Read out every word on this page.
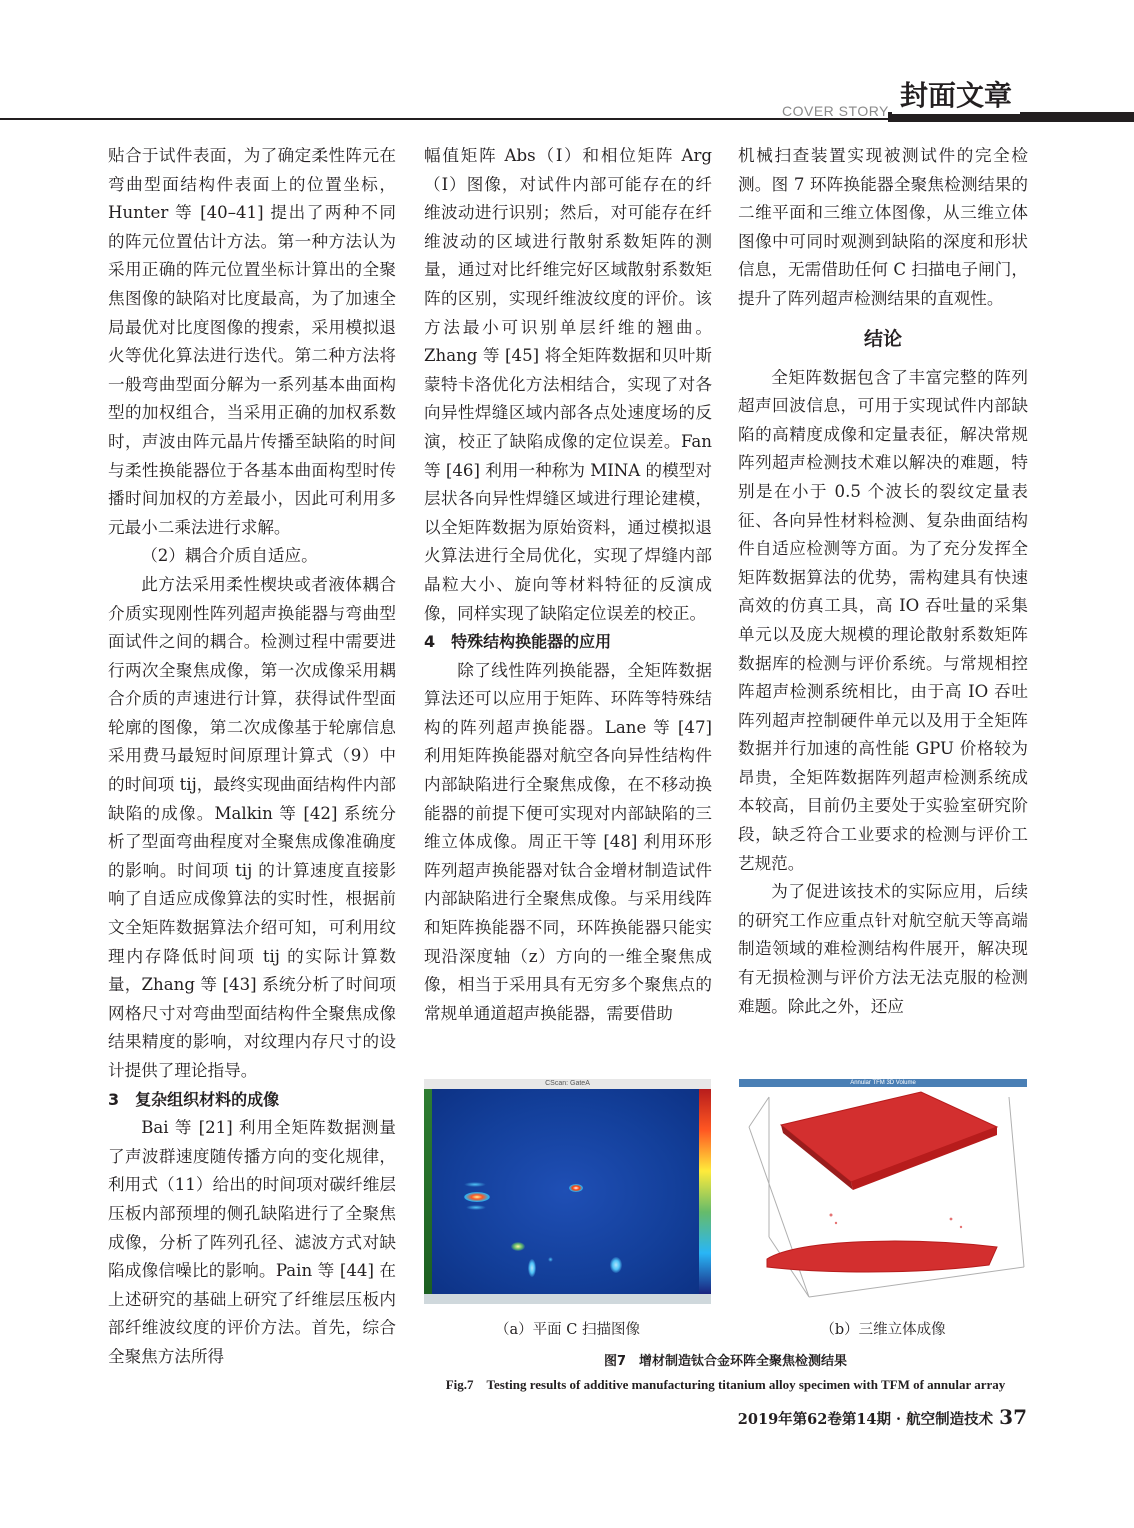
COVER STORY 封面文章

贴合于试件表面，为了确定柔性阵元在弯曲型面结构件表面上的位置坐标，Hunter 等 [40–41] 提出了两种不同的阵元位置估计方法。第一种方法认为采用正确的阵元位置坐标计算出的全聚焦图像的缺陷对比度最高，为了加速全局最优对比度图像的搜索，采用模拟退火等优化算法进行迭代。第二种方法将一般弯曲型面分解为一系列基本曲面构型的加权组合，当采用正确的加权系数时，声波由阵元晶片传播至缺陷的时间与柔性换能器位于各基本曲面构型时传播时间加权的方差最小，因此可利用多元最小二乘法进行求解。

（2）耦合介质自适应。

此方法采用柔性楔块或者液体耦合介质实现刚性阵列超声换能器与弯曲型面试件之间的耦合。检测过程中需要进行两次全聚焦成像，第一次成像采用耦合介质的声速进行计算，获得试件型面轮廓的图像，第二次成像基于轮廓信息采用费马最短时间原理计算式（9）中的时间项 tij，最终实现曲面结构件内部缺陷的成像。Malkin 等 [42] 系统分析了型面弯曲程度对全聚焦成像准确度的影响。时间项 tij 的计算速度直接影响了自适应成像算法的实时性，根据前文全矩阵数据算法介绍可知，可利用纹理内存降低时间项 tij 的实际计算数量，Zhang 等 [43] 系统分析了时间项网格尺寸对弯曲型面结构件全聚焦成像结果精度的影响，对纹理内存尺寸的设计提供了理论指导。

3　复杂组织材料的成像

Bai 等 [21] 利用全矩阵数据测量了声波群速度随传播方向的变化规律，利用式（11）给出的时间项对碳纤维层压板内部预埋的侧孔缺陷进行了全聚焦成像，分析了阵列孔径、滤波方式对缺陷成像信噪比的影响。Pain 等 [44] 在上述研究的基础上研究了纤维层压板内部纤维波纹度的评价方法。首先，综合全聚焦方法所得

幅值矩阵 Abs（I）和相位矩阵 Arg（I）图像，对试件内部可能存在的纤维波动进行识别；然后，对可能存在纤维波动的区域进行散射系数矩阵的测量，通过对比纤维完好区域散射系数矩阵的区别，实现纤维波纹度的评价。该方法最小可识别单层纤维的翘曲。Zhang 等 [45] 将全矩阵数据和贝叶斯蒙特卡洛优化方法相结合，实现了对各向异性焊缝区域内部各点处速度场的反演，校正了缺陷成像的定位误差。Fan 等 [46] 利用一种称为 MINA 的模型对层状各向异性焊缝区域进行理论建模，以全矩阵数据为原始资料，通过模拟退火算法进行全局优化，实现了焊缝内部晶粒大小、旋向等材料特征的反演成像，同样实现了缺陷定位误差的校正。

4　特殊结构换能器的应用

除了线性阵列换能器，全矩阵数据算法还可以应用于矩阵、环阵等特殊结构的阵列超声换能器。Lane 等 [47] 利用矩阵换能器对航空各向异性结构件内部缺陷进行全聚焦成像，在不移动换能器的前提下便可实现对内部缺陷的三维立体成像。周正干等 [48] 利用环形阵列超声换能器对钛合金增材制造试件内部缺陷进行全聚焦成像。与采用线阵和矩阵换能器不同，环阵换能器只能实现沿深度轴（z）方向的一维全聚焦成像，相当于采用具有无穷多个聚焦点的常规单通道超声换能器，需要借助

机械扫查装置实现被测试件的完全检测。图 7 环阵换能器全聚焦检测结果的二维平面和三维立体图像，从三维立体图像中可同时观测到缺陷的深度和形状信息，无需借助任何 C 扫描电子闸门，提升了阵列超声检测结果的直观性。

结论

全矩阵数据包含了丰富完整的阵列超声回波信息，可用于实现试件内部缺陷的高精度成像和定量表征，解决常规阵列超声检测技术难以解决的难题，特别是在小于 0.5 个波长的裂纹定量表征、各向异性材料检测、复杂曲面结构件自适应检测等方面。为了充分发挥全矩阵数据算法的优势，需构建具有快速高效的仿真工具，高 IO 吞吐量的采集单元以及庞大规模的理论散射系数矩阵数据库的检测与评价系统。与常规相控阵超声检测系统相比，由于高 IO 吞吐阵列超声控制硬件单元以及用于全矩阵数据并行加速的高性能 GPU 价格较为昂贵，全矩阵数据阵列超声检测系统成本较高，目前仍主要处于实验室研究阶段，缺乏符合工业要求的检测与评价工艺规范。

为了促进该技术的实际应用，后续的研究工作应重点针对航空航天等高端制造领域的难检测结构件展开，解决现有无损检测与评价方法无法克服的检测难题。除此之外，还应

CScan: GateA	Annular TFM 3D Volume
（a）平面 C 扫描图像	（b）三维立体成像
图7　增材制造钛合金环阵全聚焦检测结果
Fig.7　Testing results of additive manufacturing titanium alloy specimen with TFM of annular array
2019年第62卷第14期 · 航空制造技术 37
